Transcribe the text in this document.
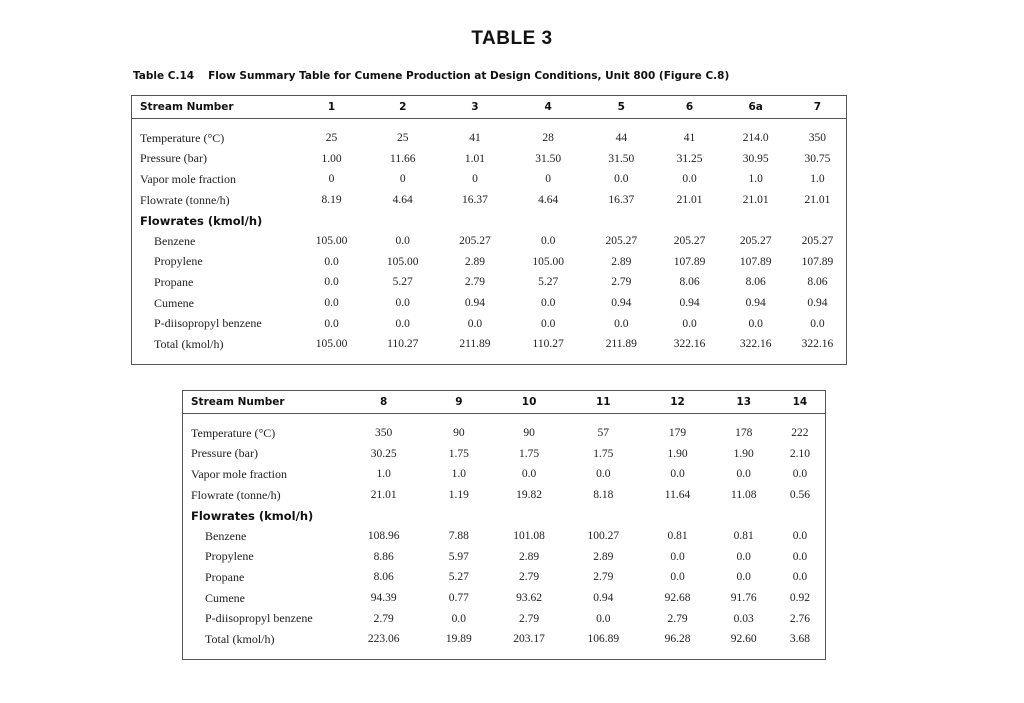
TABLE 3
Table C.14 Flow Summary Table for Cumene Production at Design Conditions, Unit 800 (Figure C.8)
Stream Number	1	2	3	4	5	6	6a	7

Temperature (°C)	25	25	41	28	44	41	214.0	350
Pressure (bar)	1.00	11.66	1.01	31.50	31.50	31.25	30.95	30.75
Vapor mole fraction	0	0	0	0	0.0	0.0	1.0	1.0
Flowrate (tonne/h)	8.19	4.64	16.37	4.64	16.37	21.01	21.01	21.01
Flowrates (kmol/h)								
Benzene	105.00	0.0	205.27	0.0	205.27	205.27	205.27	205.27
Propylene	0.0	105.00	2.89	105.00	2.89	107.89	107.89	107.89
Propane	0.0	5.27	2.79	5.27	2.79	8.06	8.06	8.06
Cumene	0.0	0.0	0.94	0.0	0.94	0.94	0.94	0.94
P-diisopropyl benzene	0.0	0.0	0.0	0.0	0.0	0.0	0.0	0.0
Total (kmol/h)	105.00	110.27	211.89	110.27	211.89	322.16	322.16	322.16
Stream Number	8	9	10	11	12	13	14

Temperature (°C)	350	90	90	57	179	178	222
Pressure (bar)	30.25	1.75	1.75	1.75	1.90	1.90	2.10
Vapor mole fraction	1.0	1.0	0.0	0.0	0.0	0.0	0.0
Flowrate (tonne/h)	21.01	1.19	19.82	8.18	11.64	11.08	0.56
Flowrates (kmol/h)							
Benzene	108.96	7.88	101.08	100.27	0.81	0.81	0.0
Propylene	8.86	5.97	2.89	2.89	0.0	0.0	0.0
Propane	8.06	5.27	2.79	2.79	0.0	0.0	0.0
Cumene	94.39	0.77	93.62	0.94	92.68	91.76	0.92
P-diisopropyl benzene	2.79	0.0	2.79	0.0	2.79	0.03	2.76
Total (kmol/h)	223.06	19.89	203.17	106.89	96.28	92.60	3.68
